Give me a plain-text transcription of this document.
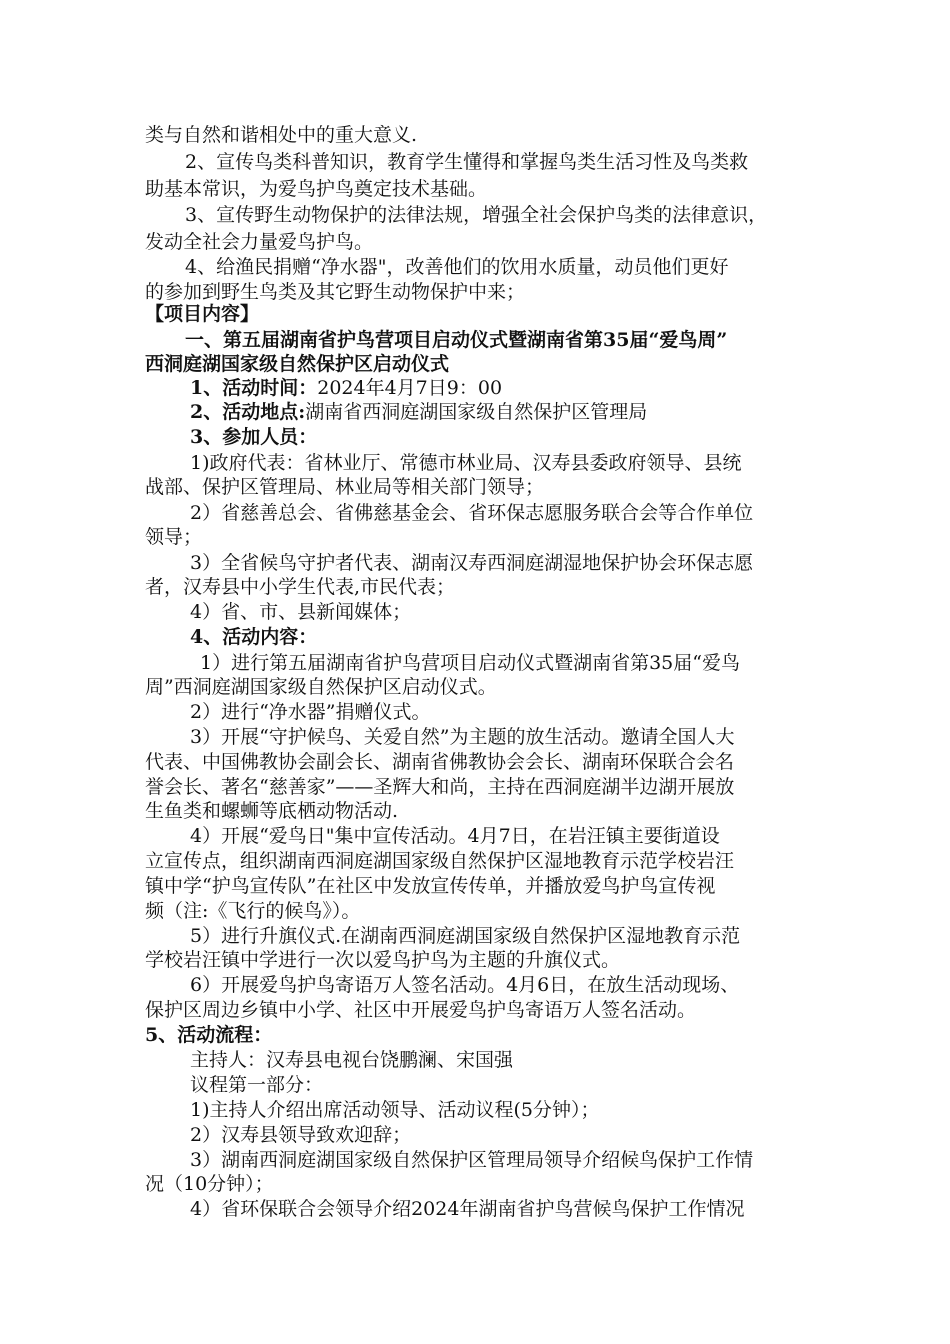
类与自然和谐相处中的重大意义.
2、宣传鸟类科普知识，教育学生懂得和掌握鸟类生活习性及鸟类救
助基本常识，为爱鸟护鸟奠定技术基础。
3、宣传野生动物保护的法律法规，增强全社会保护鸟类的法律意识，
发动全社会力量爱鸟护鸟。
4、给渔民捐赠“净水器"，改善他们的饮用水质量，动员他们更好
的参加到野生鸟类及其它野生动物保护中来；
【项目内容】
一、第五届湖南省护鸟营项目启动仪式暨湖南省第35届“爱鸟周”
西洞庭湖国家级自然保护区启动仪式
1、活动时间：2024年4月7日9：00
2、活动地点:湖南省西洞庭湖国家级自然保护区管理局
3、参加人员：
1)政府代表：省林业厅、常德市林业局、汉寿县委政府领导、县统
战部、保护区管理局、林业局等相关部门领导；
2）省慈善总会、省佛慈基金会、省环保志愿服务联合会等合作单位
领导；
3）全省候鸟守护者代表、湖南汉寿西洞庭湖湿地保护协会环保志愿
者，汉寿县中小学生代表,市民代表；
4）省、市、县新闻媒体；
4、活动内容：
1）进行第五届湖南省护鸟营项目启动仪式暨湖南省第35届“爱鸟
周”西洞庭湖国家级自然保护区启动仪式。
2）进行“净水器”捐赠仪式。
3）开展“守护候鸟、关爱自然”为主题的放生活动。邀请全国人大
代表、中国佛教协会副会长、湖南省佛教协会会长、湖南环保联合会名
誉会长、著名“慈善家”——圣辉大和尚，主持在西洞庭湖半边湖开展放
生鱼类和螺蛳等底栖动物活动.
4）开展“爱鸟日"集中宣传活动。4月7日，在岩汪镇主要街道设
立宣传点，组织湖南西洞庭湖国家级自然保护区湿地教育示范学校岩汪
镇中学“护鸟宣传队”在社区中发放宣传传单，并播放爱鸟护鸟宣传视
频（注:《飞行的候鸟》）。
5）进行升旗仪式.在湖南西洞庭湖国家级自然保护区湿地教育示范
学校岩汪镇中学进行一次以爱鸟护鸟为主题的升旗仪式。
6）开展爱鸟护鸟寄语万人签名活动。4月6日，在放生活动现场、
保护区周边乡镇中小学、社区中开展爱鸟护鸟寄语万人签名活动。
5、活动流程：
主持人：汉寿县电视台饶鹏澜、宋国强
议程第一部分：
1)主持人介绍出席活动领导、活动议程(5分钟）；
2）汉寿县领导致欢迎辞；
3）湖南西洞庭湖国家级自然保护区管理局领导介绍候鸟保护工作情
况（10分钟）；
4）省环保联合会领导介绍2024年湖南省护鸟营候鸟保护工作情况
